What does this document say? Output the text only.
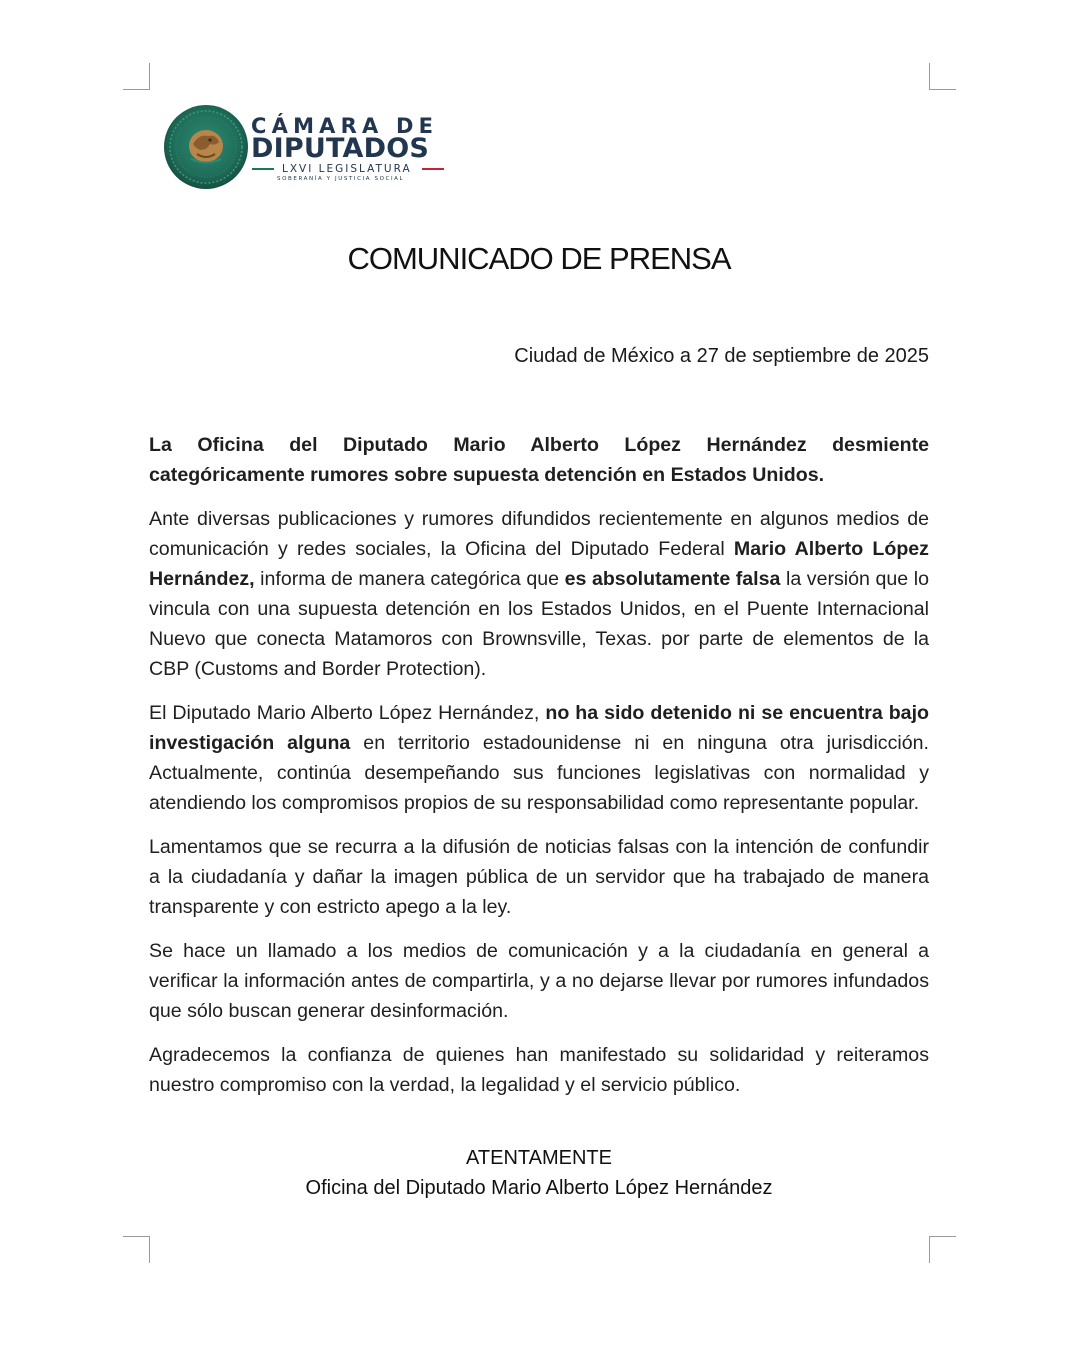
CÁMARA DE
DIPUTADOS
LXVI LEGISLATURA
SOBERANÍA Y JUSTICIA SOCIAL
COMUNICADO DE PRENSA
Ciudad de México a 27 de septiembre de 2025

La Oficina del Diputado Mario Alberto López Hernández desmiente categóricamente rumores sobre supuesta detención en Estados Unidos.

Ante diversas publicaciones y rumores difundidos recientemente en algunos medios de comunicación y redes sociales, la Oficina del Diputado Federal Mario Alberto López Hernández, informa de manera categórica que es absolutamente falsa la versión que lo vincula con una supuesta detención en los Estados Unidos, en el Puente Internacional Nuevo que conecta Matamoros con Brownsville, Texas. por parte de elementos de la CBP (Customs and Border Protection).

El Diputado Mario Alberto López Hernández, no ha sido detenido ni se encuentra bajo investigación alguna en territorio estadounidense ni en ninguna otra jurisdicción. Actualmente, continúa desempeñando sus funciones legislativas con normalidad y atendiendo los compromisos propios de su responsabilidad como representante popular.

Lamentamos que se recurra a la difusión de noticias falsas con la intención de confundir a la ciudadanía y dañar la imagen pública de un servidor que ha trabajado de manera transparente y con estricto apego a la ley.

Se hace un llamado a los medios de comunicación y a la ciudadanía en general a verificar la información antes de compartirla, y a no dejarse llevar por rumores infundados que sólo buscan generar desinformación.

Agradecemos la confianza de quienes han manifestado su solidaridad y reiteramos nuestro compromiso con la verdad, la legalidad y el servicio público.

ATENTAMENTE
Oficina del Diputado Mario Alberto López Hernández
